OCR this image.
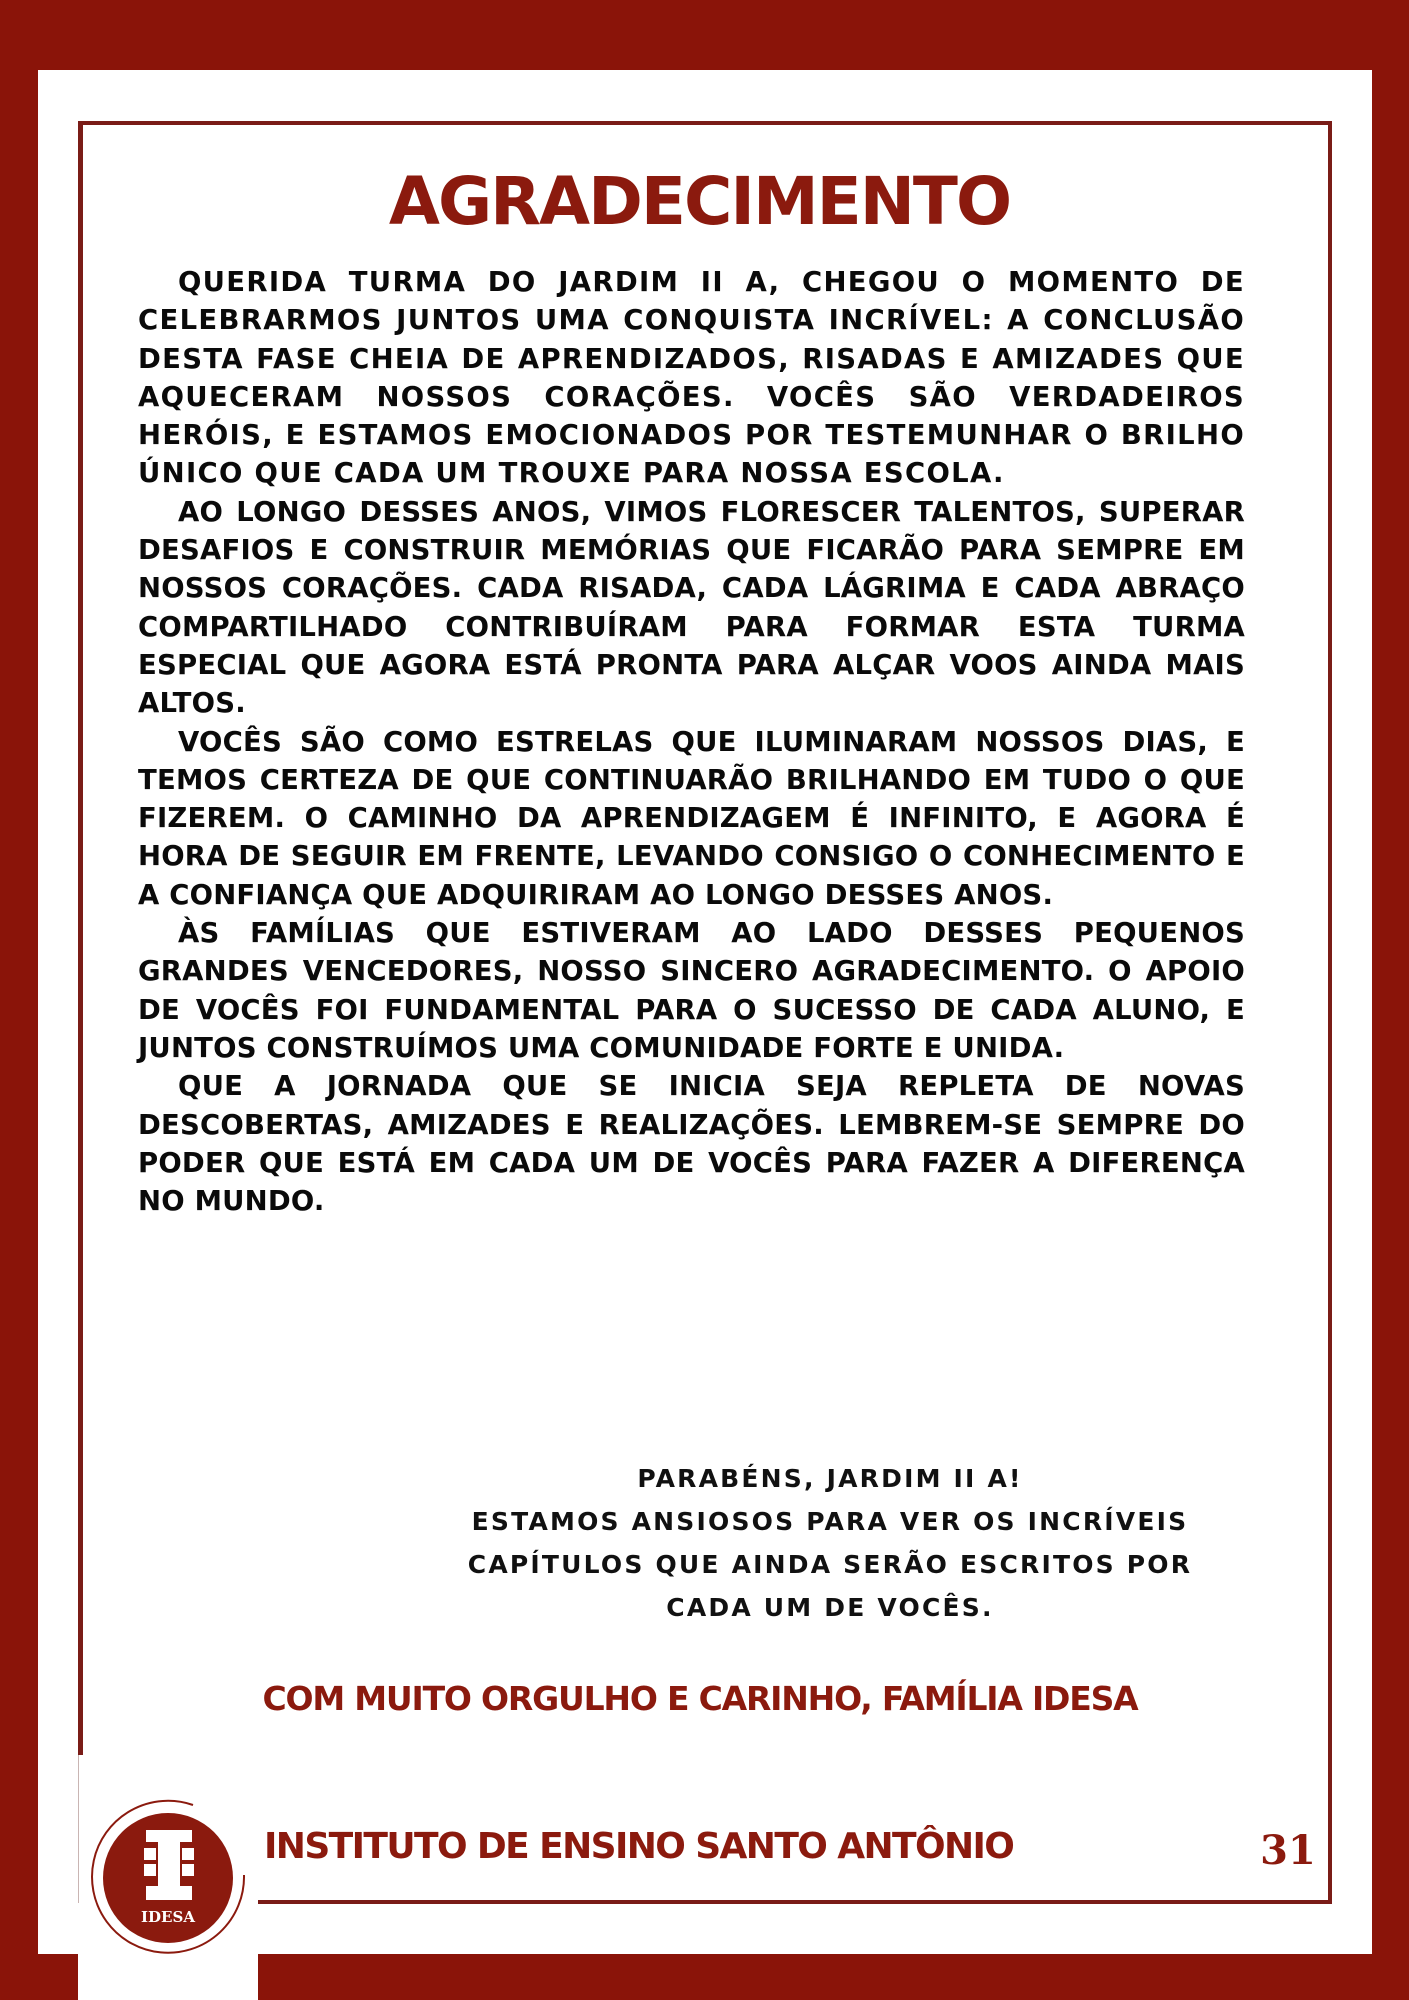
AGRADECIMENTO

QUERIDA TURMA DO JARDIM II A, CHEGOU O MOMENTO DE CELEBRARMOS JUNTOS UMA CONQUISTA INCRÍVEL: A CONCLUSÃO DESTA FASE CHEIA DE APRENDIZADOS, RISADAS E AMIZADES QUE AQUECERAM NOSSOS CORAÇÕES. VOCÊS SÃO VERDADEIROS HERÓIS, E ESTAMOS EMOCIONADOS POR TESTEMUNHAR O BRILHO ÚNICO QUE CADA UM TROUXE PARA NOSSA ESCOLA.

AO LONGO DESSES ANOS, VIMOS FLORESCER TALENTOS, SUPERAR DESAFIOS E CONSTRUIR MEMÓRIAS QUE FICARÃO PARA SEMPRE EM NOSSOS CORAÇÕES. CADA RISADA, CADA LÁGRIMA E CADA ABRAÇO COMPARTILHADO CONTRIBUÍRAM PARA FORMAR ESTA TURMA ESPECIAL QUE AGORA ESTÁ PRONTA PARA ALÇAR VOOS AINDA MAIS ALTOS.

VOCÊS SÃO COMO ESTRELAS QUE ILUMINARAM NOSSOS DIAS, E TEMOS CERTEZA DE QUE CONTINUARÃO BRILHANDO EM TUDO O QUE FIZEREM. O CAMINHO DA APRENDIZAGEM É INFINITO, E AGORA É HORA DE SEGUIR EM FRENTE, LEVANDO CONSIGO O CONHECIMENTO E A CONFIANÇA QUE ADQUIRIRAM AO LONGO DESSES ANOS.

ÀS FAMÍLIAS QUE ESTIVERAM AO LADO DESSES PEQUENOS GRANDES VENCEDORES, NOSSO SINCERO AGRADECIMENTO. O APOIO DE VOCÊS FOI FUNDAMENTAL PARA O SUCESSO DE CADA ALUNO, E JUNTOS CONSTRUÍMOS UMA COMUNIDADE FORTE E UNIDA.

QUE A JORNADA QUE SE INICIA SEJA REPLETA DE NOVAS DESCOBERTAS, AMIZADES E REALIZAÇÕES. LEMBREM-SE SEMPRE DO PODER QUE ESTÁ EM CADA UM DE VOCÊS PARA FAZER A DIFERENÇA NO MUNDO.

PARABÉNS, JARDIM II A!
ESTAMOS ANSIOSOS PARA VER OS INCRÍVEIS
CAPÍTULOS QUE AINDA SERÃO ESCRITOS POR
CADA UM DE VOCÊS.
COM MUITO ORGULHO E CARINHO, FAMÍLIA IDESA
IDESA
INSTITUTO DE ENSINO SANTO ANTÔNIO	31
